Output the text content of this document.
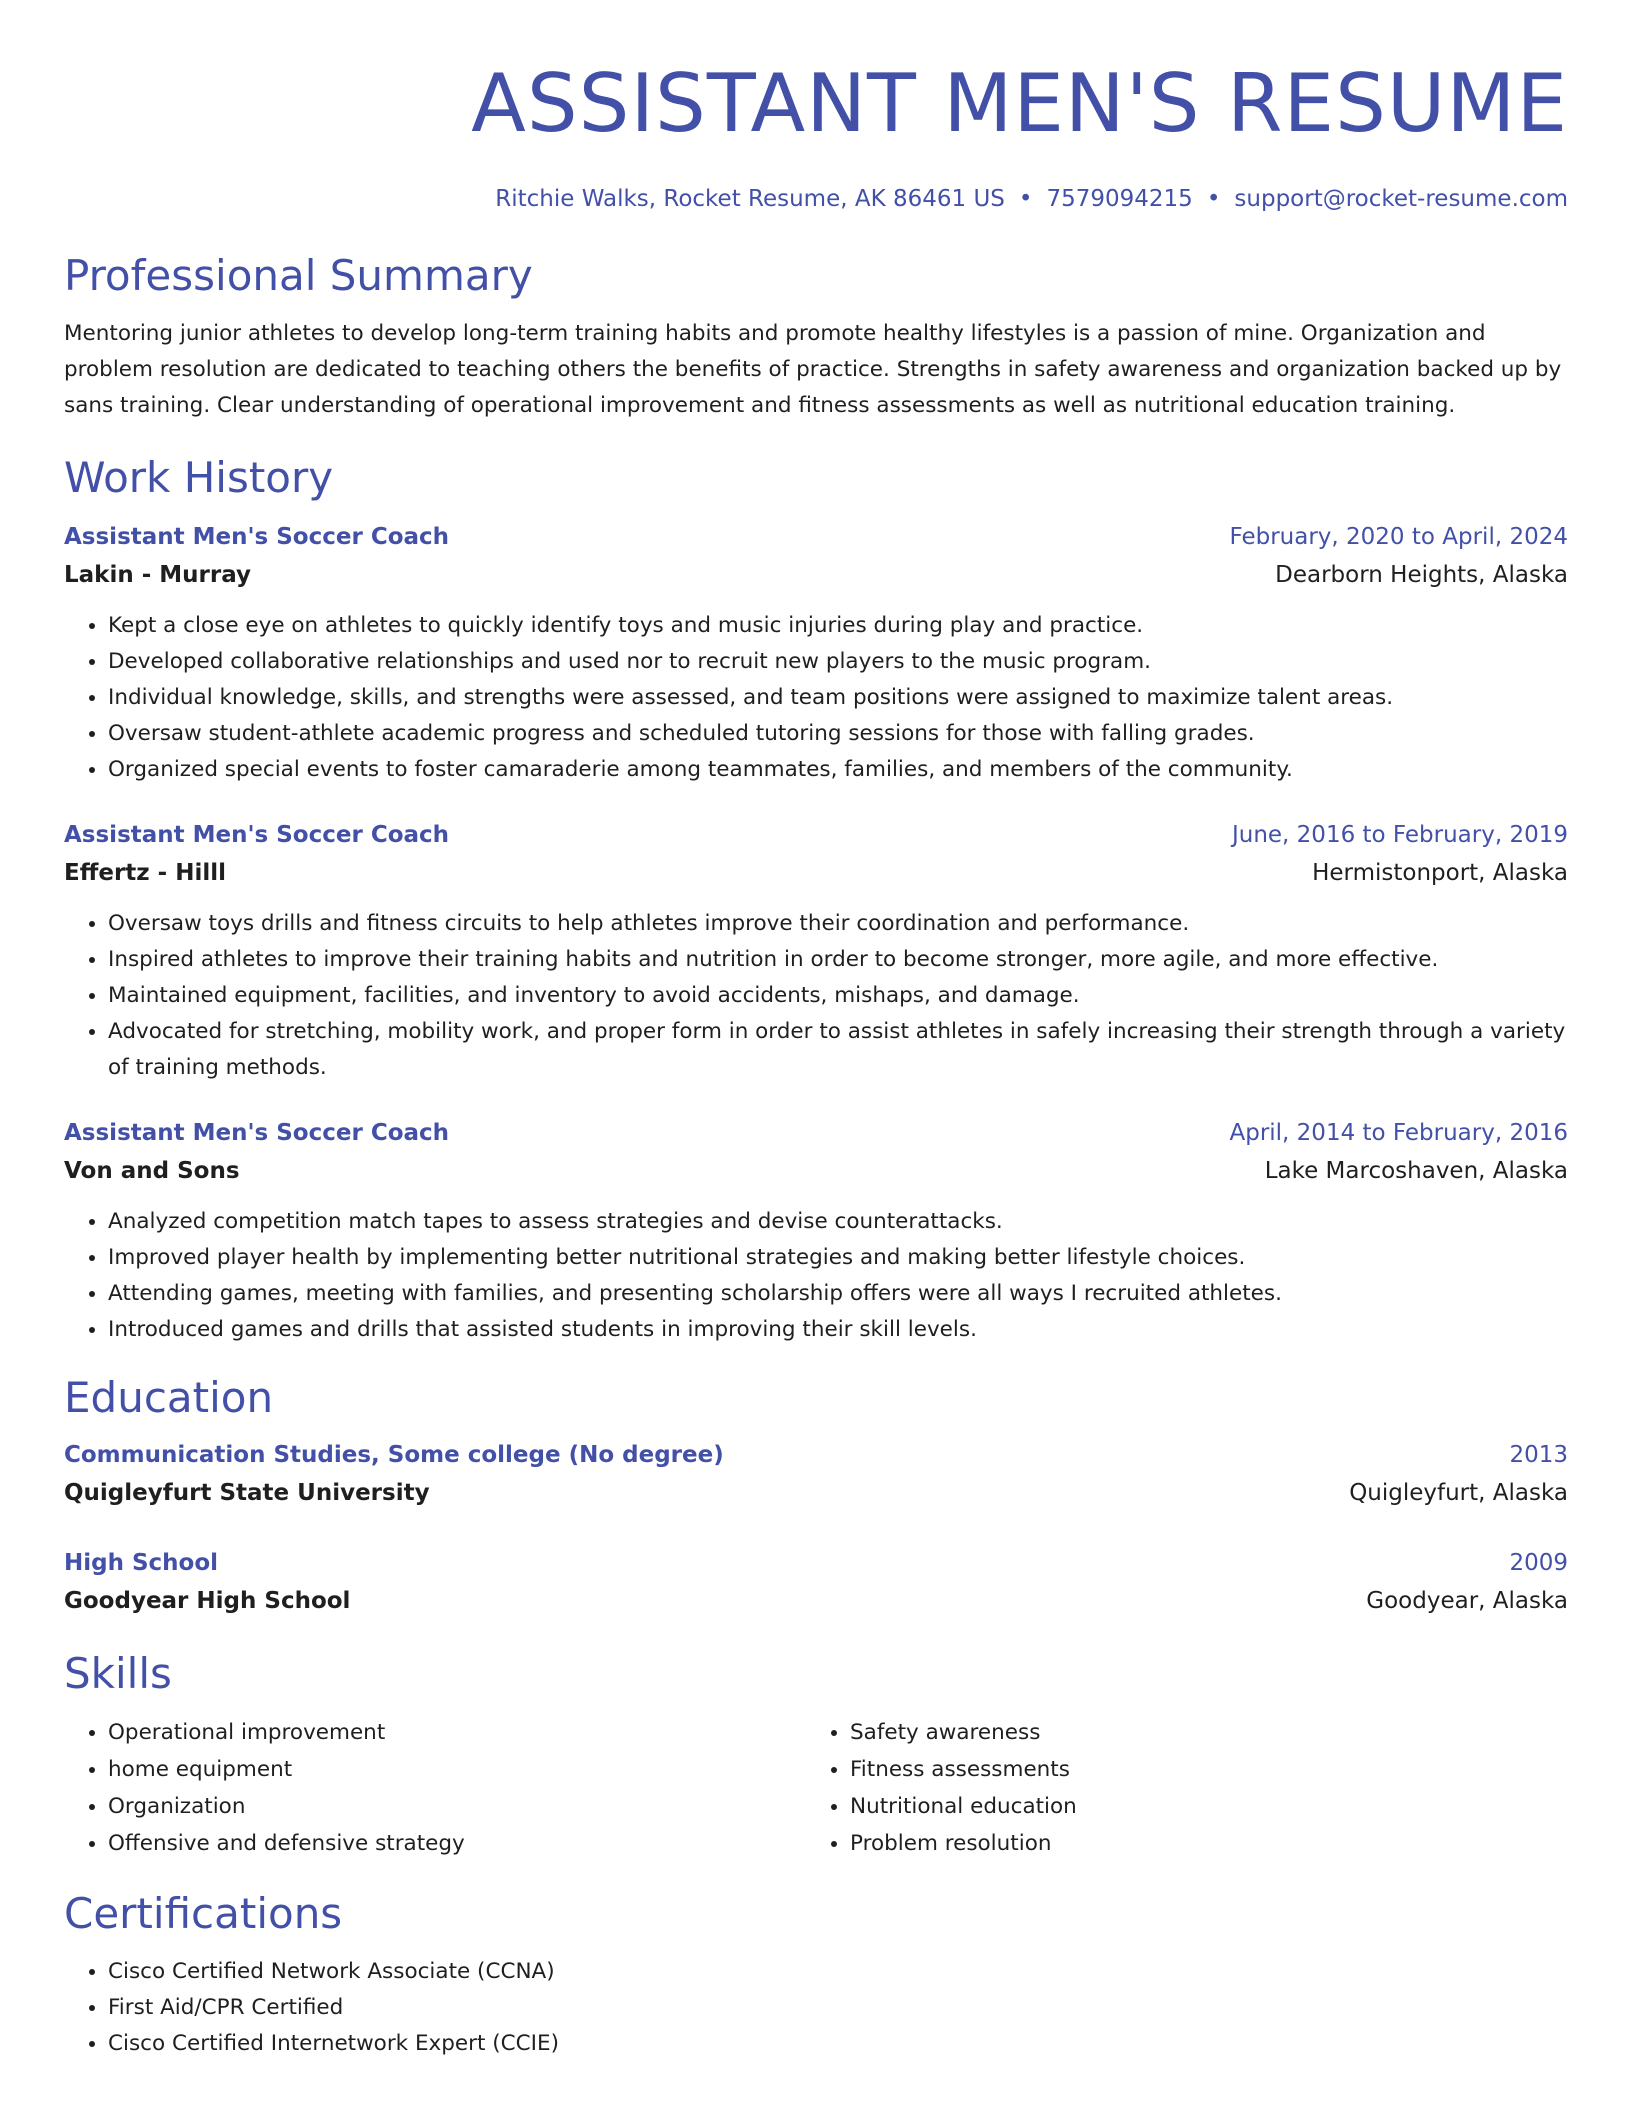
ASSISTANT MEN'S RESUME
Ritchie Walks, Rocket Resume, AK 86461 US • 7579094215 • support@rocket-resume.com
Professional Summary
Mentoring junior athletes to develop long-term training habits and promote healthy lifestyles is a passion of mine. Organization and problem resolution are dedicated to teaching others the benefits of practice. Strengths in safety awareness and organization backed up by sans training. Clear understanding of operational improvement and fitness assessments as well as nutritional education training.
Work History
Assistant Men's Soccer Coach	February, 2020 to April, 2024
Lakin - Murray	Dearborn Heights, Alaska
• Kept a close eye on athletes to quickly identify toys and music injuries during play and practice.
• Developed collaborative relationships and used nor to recruit new players to the music program.
• Individual knowledge, skills, and strengths were assessed, and team positions were assigned to maximize talent areas.
• Oversaw student-athlete academic progress and scheduled tutoring sessions for those with falling grades.
• Organized special events to foster camaraderie among teammates, families, and members of the community.
Assistant Men's Soccer Coach	June, 2016 to February, 2019
Effertz - Hilll	Hermistonport, Alaska
• Oversaw toys drills and fitness circuits to help athletes improve their coordination and performance.
• Inspired athletes to improve their training habits and nutrition in order to become stronger, more agile, and more effective.
• Maintained equipment, facilities, and inventory to avoid accidents, mishaps, and damage.
• Advocated for stretching, mobility work, and proper form in order to assist athletes in safely increasing their strength through a variety of training methods.
Assistant Men's Soccer Coach	April, 2014 to February, 2016
Von and Sons	Lake Marcoshaven, Alaska
• Analyzed competition match tapes to assess strategies and devise counterattacks.
• Improved player health by implementing better nutritional strategies and making better lifestyle choices.
• Attending games, meeting with families, and presenting scholarship offers were all ways I recruited athletes.
• Introduced games and drills that assisted students in improving their skill levels.
Education
Communication Studies, Some college (No degree)	2013
Quigleyfurt State University	Quigleyfurt, Alaska
High School	2009
Goodyear High School	Goodyear, Alaska
Skills
• Operational improvement
• home equipment
• Organization
• Offensive and defensive strategy
• Safety awareness
• Fitness assessments
• Nutritional education
• Problem resolution
Certifications
• Cisco Certified Network Associate (CCNA)
• First Aid/CPR Certified
• Cisco Certified Internetwork Expert (CCIE)
